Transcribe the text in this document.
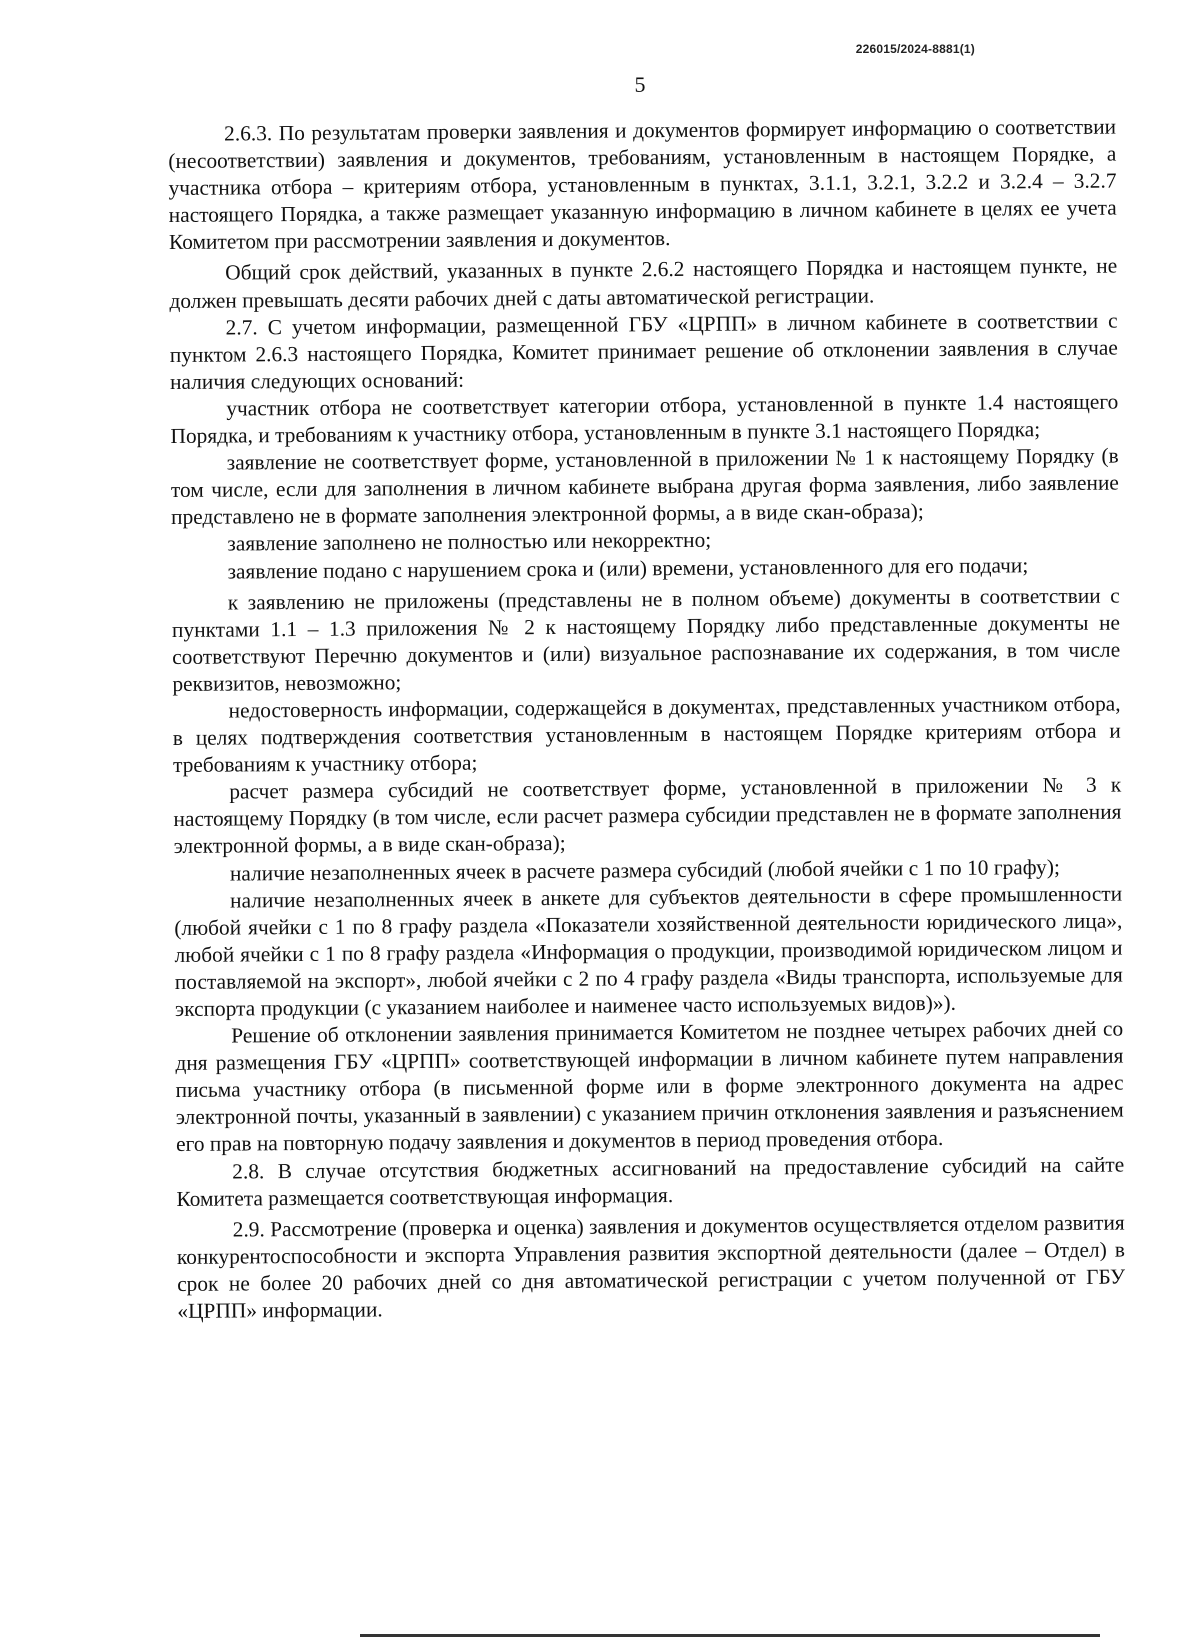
226015/2024-8881(1)
5

2.6.3. По результатам проверки заявления и документов формирует информацию о соответствии (несоответствии) заявления и документов, требованиям, установленным в настоящем Порядке, а участника отбора – критериям отбора, установленным в пунктах, 3.1.1, 3.2.1, 3.2.2 и 3.2.4 – 3.2.7 настоящего Порядка, а также размещает указанную информацию в личном кабинете в целях ее учета Комитетом при рассмотрении заявления и документов.

Общий срок действий, указанных в пункте 2.6.2 настоящего Порядка и настоящем пункте, не должен превышать десяти рабочих дней с даты автоматической регистрации.

2.7. С учетом информации, размещенной ГБУ «ЦРПП» в личном кабинете в соответствии с пунктом 2.6.3 настоящего Порядка, Комитет принимает решение об отклонении заявления в случае наличия следующих оснований:

участник отбора не соответствует категории отбора, установленной в пункте 1.4 настоящего Порядка, и требованиям к участнику отбора, установленным в пункте 3.1 настоящего Порядка;

заявление не соответствует форме, установленной в приложении № 1 к настоящему Порядку (в том числе, если для заполнения в личном кабинете выбрана другая форма заявления, либо заявление представлено не в формате заполнения электронной формы, а в виде скан-образа);

заявление заполнено не полностью или некорректно;

заявление подано с нарушением срока и (или) времени, установленного для его подачи;

к заявлению не приложены (представлены не в полном объеме) документы в соответствии с пунктами 1.1 – 1.3 приложения № 2 к настоящему Порядку либо представленные документы не соответствуют Перечню документов и (или) визуальное распознавание их содержания, в том числе реквизитов, невозможно;

недостоверность информации, содержащейся в документах, представленных участником отбора, в целях подтверждения соответствия установленным в настоящем Порядке критериям отбора и требованиям к участнику отбора;

расчет размера субсидий не соответствует форме, установленной в приложении № 3 к настоящему Порядку (в том числе, если расчет размера субсидии представлен не в формате заполнения электронной формы, а в виде скан-образа);

наличие незаполненных ячеек в расчете размера субсидий (любой ячейки с 1 по 10 графу);

наличие незаполненных ячеек в анкете для субъектов деятельности в сфере промышленности (любой ячейки с 1 по 8 графу раздела «Показатели хозяйственной деятельности юридического лица», любой ячейки с 1 по 8 графу раздела «Информация о продукции, производимой юридическом лицом и поставляемой на экспорт», любой ячейки с 2 по 4 графу раздела «Виды транспорта, используемые для экспорта продукции (с указанием наиболее и наименее часто используемых видов)»).

Решение об отклонении заявления принимается Комитетом не позднее четырех рабочих дней со дня размещения ГБУ «ЦРПП» соответствующей информации в личном кабинете путем направления письма участнику отбора (в письменной форме или в форме электронного документа на адрес электронной почты, указанный в заявлении) с указанием причин отклонения заявления и разъяснением его прав на повторную подачу заявления и документов в период проведения отбора.

2.8. В случае отсутствия бюджетных ассигнований на предоставление субсидий на сайте Комитета размещается соответствующая информация.

2.9. Рассмотрение (проверка и оценка) заявления и документов осуществляется отделом развития конкурентоспособности и экспорта Управления развития экспортной деятельности (далее – Отдел) в срок не более 20 рабочих дней со дня автоматической регистрации с учетом полученной от ГБУ «ЦРПП» информации.
